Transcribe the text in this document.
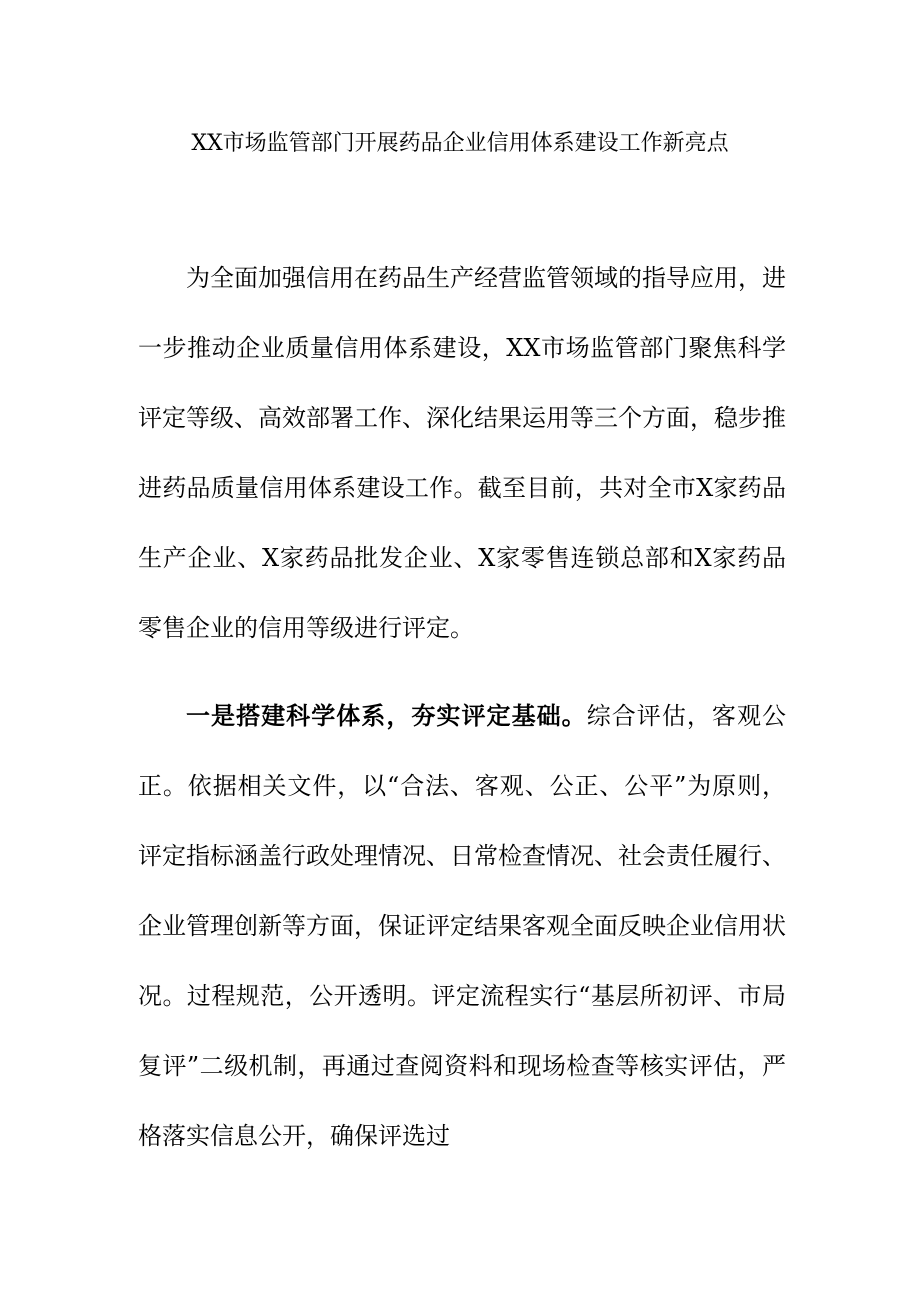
XX市场监管部门开展药品企业信用体系建设工作新亮点

为全面加强信用在药品生产经营监管领域的指导应用，进一步推动企业质量信用体系建设，XX市场监管部门聚焦科学评定等级、高效部署工作、深化结果运用等三个方面，稳步推进药品质量信用体系建设工作。截至目前，共对全市X家药品生产企业、X家药品批发企业、X家零售连锁总部和X家药品零售企业的信用等级进行评定。

一是搭建科学体系，夯实评定基础。综合评估，客观公正。依据相关文件，以“合法、客观、公正、公平”为原则，评定指标涵盖行政处理情况、日常检查情况、社会责任履行、企业管理创新等方面，保证评定结果客观全面反映企业信用状况。过程规范，公开透明。评定流程实行“基层所初评、市局复评”二级机制，再通过查阅资料和现场检查等核实评估，严格落实信息公开，确保评选过
